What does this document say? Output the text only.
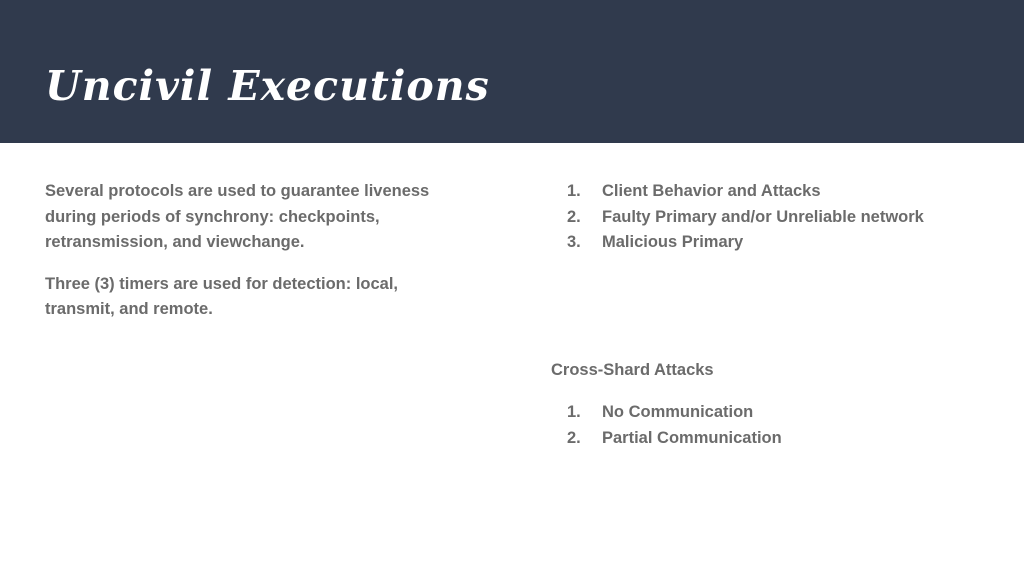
Uncivil Executions

Several protocols are used to guarantee liveness during periods of synchrony: checkpoints, retransmission, and viewchange.

Three (3) timers are used for detection: local, transmit, and remote.

1. Client Behavior and Attacks
2. Faulty Primary and/or Unreliable network
3. Malicious Primary
Cross-Shard Attacks
1. No Communication
2. Partial Communication
